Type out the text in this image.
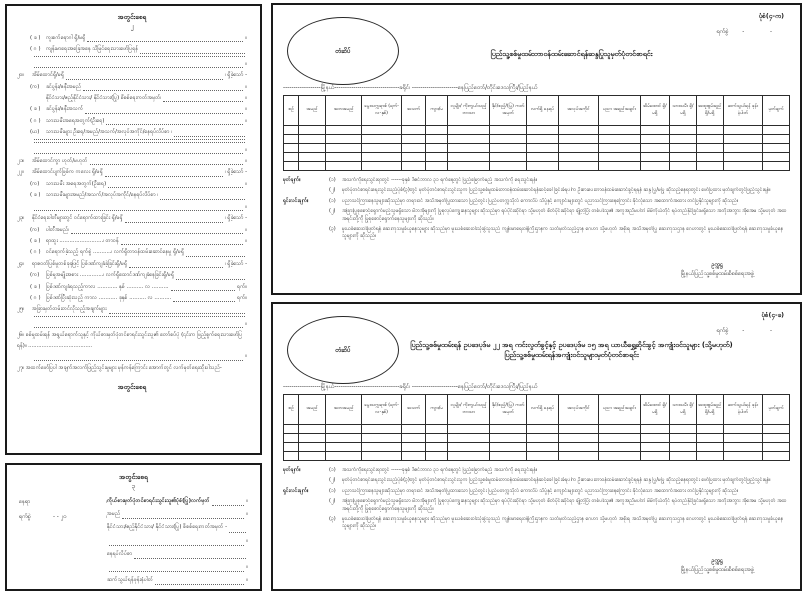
အတွင်းစေရ
၂
( ခ )	ကူးစက်ရောဂါ ရှိ/မရှိ	။
( ဂ )	ကျန်းမာရေးအခြေအနေ သိမြင်ရေးသားဖော်ပြရန်
။
၂ဝ။	အိမ်ထောင်ရှိ/မရှိ	၊ ရှိခဲ့သော် -
(က)	ခင်ပွန်း/ဇနီးအမည်	။
နိုင်ငံသား/ဧည့်နိုင်ငံသား/ နိုင်ငံသား(ပြု) စိစစ်ရေးကတ်အမှတ်၊	။
( ခ )	ခင်ပွန်း/ဇနီးအသက်	။
( ဂ )	သားသမီးအရေအတွက်(ဦးရေ)	။
(ဃ)	သားသမီးများ ဦးရေ/အမည်/အသက်/အလုပ်အကိုင်/နေရပ်လိပ်စာ ၊
။
၂၁။	အိမ်ထောင်ကွာ ဟုတ်/မဟုတ်	။
၂၂။	အိမ်ထောင်ပျက်ဖြစ်က ကလေး ရှိ/မရှိ	၊ ရှိခဲ့သော် -
(က)	သားသမီး အရေအတွက်(ဦးရေ)	။
( ခ )	သားသမီးများအမည်/အသက်/အလုပ်အကိုင်/နေရပ်လိပ်စာ ၊
။
၂၃။	နိုင်ငံရေးပါတီများတွင် ဝင်ရောက်ထားခြင်း ရှိ/မရှိ	၊ ရှိခဲ့သော် -
(က)	ပါတီအမည်၊	။
( ခ )	ရာထူး ..........................၊ တာဝန်	။
( ဂ )	ဝင်ရောက်ခဲ့သည့် ရက်စွဲ ...........၊ လက်ရှိတာဝန်ထမ်းဆောင်နေမှု ရှိ/မရှိ
၂၄။	ရာဇဝတ်ပြစ်မှုတစ်ခုခုဖြင့် ပြစ်ဒဏ်ကျခံခဲ့ခြင်းရှိ/မရှိ	၊ ရှိခဲ့သော် -
(က)	ပြစ်မှုအမျိုးအစား ..............၊ လက်ရှိထောင်ဒဏ်ကျခံနေခြင်းရှိ/မရှိ
( ခ )	ပြစ်ဒဏ်ကျခံရသည့်ကာလ ............ နှစ် .......... လ ..........	ရက်။
( ဂ )	ပြစ်ဒဏ်ပြီးဆုံးသည့် ကာလ ........... ခုနှစ် .......... လ ..........	ရက်။
၂၅။	အခြားမှတ်တမ်းတင်လိုသည့်အချက်များ
။
၂၆။ စစ်မှုထမ်းရန် အရွယ်ရောက်သူနှင့် ကိုယ်စားမှတ်ပုံတင်စာရင်းသွင်းသူ၏ တော်စပ်ပုံ (၎င်းက ဖြည့်စွက်ရေးသားဖော်ပြရန်)။ ......................................
။
၂၇။ အထက်ဖော်ပြပါ အချက်အလက်ဖြည့်သွင်းမှုများ မှန်ကန်ကြောင်း အောက်တွင် လက်မှတ်ရေးထိုးပါသည်-
အတွင်းစေရ
အတွင်းစေရ
၃
နေရာ	၊
ရက်စွဲ	- - ၂၀	၊
ကိုယ်စားမှတ်ပုံတင်စာရင်းသွင်းသူ၏ပုံစံ(ပြု)လက်မှတ်	။
အမည်	။
နိုင်ငံသား/ဧည့်နိုင်ငံသား/ နိုင်ငံသား(ပြု) စိစစ်ရေးကတ်အမှတ် -
။
နေရပ်လိပ်စာ
။
ဆက်သွယ်ရန်ဖုန်းနံပါတ်	။
တံဆိပ်
ပုံစံ(၄-က)
ရက်စွဲ -	-
ပြည်သူ့စစ်မှုထမ်းတာဝန်ထမ်းဆောင်ရန်ဆန္ဒပြုသူမှတ်ပုံတင်စာရင်း
------------------မြို့နယ်-------------------------------ခရိုင်၊ ----------------------နေပြည်တော်/တိုင်းဒေသကြီး/ပြည်နယ်
စဉ်	အမည်	အဘအမည်	မွေးသက္ကရာဇ် (ရက်-လ-နှစ်)	အသက်	ကျား/မ	လူမျိုး/ ကိုးကွယ်သည့် ဘာသာ	နိုင်/ဧည့်/(ပြု) ကတ်အမှတ်	လက်ရှိ နေရပ်	အလုပ်အကိုင်	ပညာ အရည်အချင်း	အိမ်ထောင် ရှိ/မရှိ	သားသမီး ရှိ/မရှိ	အထူးစွမ်းရည် ရှိ/မရှိ	ဆက်သွယ်ရန် ဖုန်းနံပါတ်	မှတ်ချက်

မှတ်ချက်။	(၁)	အသက်ကိုရေးသွင်းရာတွင် ------ခုနှစ် ဒီဇင်ဘာလ ၃၁ ရက်နေ့တွင် ပြည့်မြောက်မည့် အသက်ကို ရေးသွင်းရန်။
(၂)	မှတ်ပုံတင်စာရင်းရေးသွင်းသည့်ပုံစံ(၃)တွင် မှတ်ပုံတင်စာရင်းသွင်းသူက ပြည်သူ့စစ်မှုထမ်းတာဝန်ထမ်းဆောင်ရန်ဆင့်ခေါ်ခြင်းခံရပါက ဦးစားပေးတာဝန်ထမ်းဆောင်ခွင့်ရရန် ဆန္ဒ ပြု/မပြု ဆိုသည့်နေရာတွင်း ဖော်ပြထား မှတ်ချက်တွင်ဖြည့်သွင်းရန်။
ရှင်းလင်းချက်။	(၁)	ပညာသင်ကြားနေသူများဆိုသည်မှာ တရားဝင် အသိအမှတ်ပြုထားသော ပြည်တွင်း ပြည်ပတက္ကသိုလ် ကောလိပ် သိပ္ပံနှင့် ကျောင်းများတွင် ပညာသင်ကြားနေကြောင်း ခိုင်လုံသော အထောက်အထား တင်ပြနိုင်သူများကို ဆိုသည်။
(၂)	အခြားပြုစုစောင့်ရှောက်မည့်သူမရှိသော မိဘအိုများကို ပြုစုလုပ်ကျွေးနေသူများ ဆိုသည်မှာ ရုပ်ပိုင်းဆိုင်ရာ သို့မဟုတ် စိတ်ပိုင်းဆိုင်ရာ ချို့တဲ့ပြီး တစ်ပါးသူ၏ အကူအညီမပါဘဲ မိမိကိုယ်တိုင် ရပ်တည်နိုင်ခြင်းမရှိသော အဘိုးအဘွား အိုအေမ သို့မဟုတ် အထအရင်းတို့ကို ပြုစုစောင့်ရှောက်နေသူများကို ဆိုသည်။
(၃)	မူးယစ်ဆေးဝါးဖြတ်ရန် ဆေးကုသမှုခံယူနေသူများ ဆိုသည်မှာ မူးယစ်ဆေးဝါးသုံးစွဲသူသည် ကျန်းမာရေးဝန်ကြီးဌာနက သတ်မှတ်သည့်ဌာန ဂေဟာ သို့မဟုတ် အစိုးရ အသိအမှတ်ပြု ဆေးကုသဌာန ဂေဟာတွင် မူးယစ်ဆေးဝါးဖြတ်ရန် ဆေးကုသမှုခံယူနေသူများကို ဆိုသည်။
ဥက္ကဋ္ဌ
မြို့နယ်ပြည်သူ့စစ်မှုထမ်းစိစစ်ရေးအဖွဲ့
တံဆိပ်
ပုံစံ(၄-ခ)
ရက်စွဲ -	-
ပြည်သူ့စစ်မှုထမ်းရန် ဥပဒေပုဒ်မ ၂၂ အရ ကင်းလွတ်ခွင့်နှင့် ဥပဒေပုဒ်မ ၁၅ အရ ယာယီရွှေ့ဆိုင်းခွင့် အကျုံးဝင်သူများ (သို့မဟုတ်)
ပြည်သူ့စစ်မှုထမ်းရန်အကျုံးဝင်သူများမှတ်ပုံတင်စာရင်း
------------------မြို့နယ်-------------------------------ခရိုင်၊ ----------------------နေပြည်တော်/တိုင်းဒေသကြီး/ပြည်နယ်
စဉ်	အမည်	အဘအမည်	မွေးသက္ကရာဇ် (ရက်-လ-နှစ်)	အသက်	ကျား/မ	လူမျိုး/ ကိုးကွယ်သည့် ဘာသာ	နိုင်/ဧည့်/(ပြု) ကတ်အမှတ်	လက်ရှိ နေရပ်	အလုပ်အကိုင်	ပညာ အရည်အချင်း	အိမ်ထောင် ရှိ/မရှိ	သားသမီး ရှိ/မရှိ	အထူးစွမ်းရည် ရှိ/မရှိ	ဆက်သွယ်ရန် ဖုန်းနံပါတ်	မှတ်ချက်

မှတ်ချက်။	(၁)	အသက်ကိုရေးသွင်းရာတွင် ------ခုနှစ် ဒီဇင်ဘာလ ၃၁ ရက်နေ့တွင် ပြည့်မြောက်မည့် အသက်ကို ရေးသွင်းရန်။
(၂)	မှတ်ပုံတင်စာရင်းရေးသွင်းသည့်ပုံစံ(၃)တွင် မှတ်ပုံတင်စာရင်းသွင်းသူက ပြည်သူ့စစ်မှုထမ်းတာဝန်ထမ်းဆောင်ရန်ဆင့်ခေါ်ခြင်းခံရပါက ဦးစားပေးတာဝန်ထမ်းဆောင်ခွင့်ရရန် ဆန္ဒ ပြု/မပြု ဆိုသည့်နေရာတွင်း ဖော်ပြထား မှတ်ချက်တွင်ဖြည့်သွင်းရန်။
ရှင်းလင်းချက်။	(၁)	ပညာသင်ကြားနေသူများဆိုသည်မှာ တရားဝင် အသိအမှတ်ပြုထားသော ပြည်တွင်း ပြည်ပတက္ကသိုလ် ကောလိပ် သိပ္ပံနှင့် ကျောင်းများတွင် ပညာသင်ကြားနေကြောင်း ခိုင်လုံသော အထောက်အထား တင်ပြနိုင်သူများကို ဆိုသည်။
(၂)	အခြားပြုစုစောင့်ရှောက်မည့်သူမရှိသော မိဘအိုများကို ပြုစုလုပ်ကျွေးနေသူများ ဆိုသည်မှာ ရုပ်ပိုင်းဆိုင်ရာ သို့မဟုတ် စိတ်ပိုင်းဆိုင်ရာ ချို့တဲ့ပြီး တစ်ပါးသူ၏ အကူအညီမပါဘဲ မိမိကိုယ်တိုင် ရပ်တည်နိုင်ခြင်းမရှိသော အဘိုးအဘွား အိုအေမ သို့မဟုတ် အထအရင်းတို့ကို ပြုစုစောင့်ရှောက်နေသူများကို ဆိုသည်။
(၃)	မူးယစ်ဆေးဝါးဖြတ်ရန် ဆေးကုသမှုခံယူနေသူများ ဆိုသည်မှာ မူးယစ်ဆေးဝါးသုံးစွဲသူသည် ကျန်းမာရေးဝန်ကြီးဌာနက သတ်မှတ်သည့်ဌာန ဂေဟာ သို့မဟုတ် အစိုးရ အသိအမှတ်ပြု ဆေးကုသဌာန ဂေဟာတွင် မူးယစ်ဆေးဝါးဖြတ်ရန် ဆေးကုသမှုခံယူနေသူများကို ဆိုသည်။
ဥက္ကဋ္ဌ
မြို့နယ်ပြည်သူ့စစ်မှုထမ်းစိစစ်ရေးအဖွဲ့
